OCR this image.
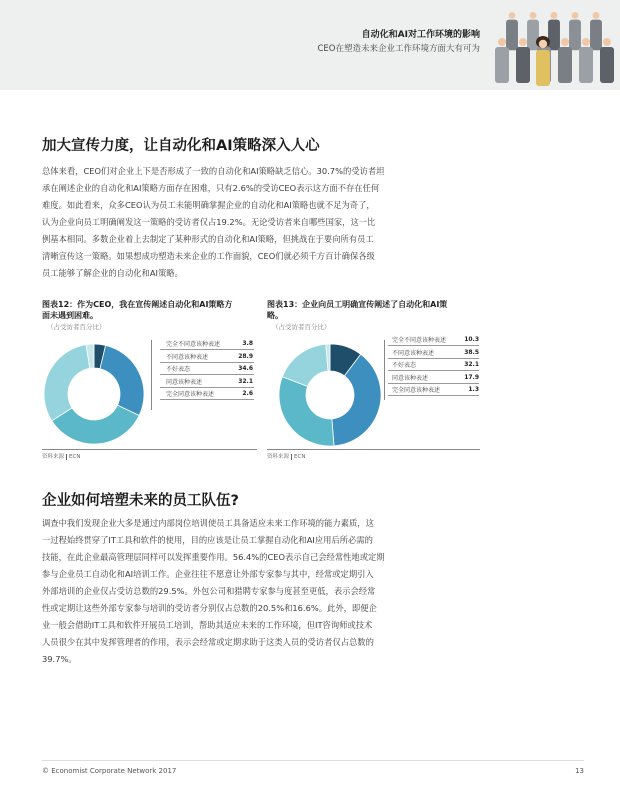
自动化和AI对工作环境的影响
CEO在塑造未来企业工作环境方面大有可为
加大宣传力度，让自动化和AI策略深入人心
总体来看，CEO们对企业上下是否形成了一致的自动化和AI策略缺乏信心。30.7%的受访者坦
承在阐述企业的自动化和AI策略方面存在困难，只有2.6%的受访CEO表示这方面不存在任何
难度。如此看来，众多CEO认为员工未能明确掌握企业的自动化和AI策略也就不足为奇了，
认为企业向员工明确阐发这一策略的受访者仅占19.2%。无论受访者来自哪些国家，这一比
例基本相同。多数企业着上去制定了某种形式的自动化和AI策略，但挑战在于要向所有员工
清晰宣传这一策略。如果想成功塑造未来企业的工作面貌，CEO们就必须千方百计确保各级
员工能够了解企业的自动化和AI策略。
图表12：作为CEO，我在宣传阐述自动化和AI策略方
面未遇到困难。
（占受访者百分比）
完全不同意该种表述	3.8
不同意该种表述	28.9
不好表态	34.6
同意该种表述	32.1
完全同意该种表述	2.6
资料来源 ECN
图表13：企业向员工明确宣传阐述了自动化和AI策
略。
（占受访者百分比）
完全不同意该种表述	10.3
不同意该种表述	38.5
不好表态	32.1
同意该种表述	17.9
完全同意该种表述	1.3
资料来源 ECN
企业如何培塑未来的员工队伍?
调查中我们发现企业大多是通过内部岗位培训使员工具备适应未来工作环境的能力素质，这
一过程始终贯穿了IT工具和软件的使用，目的应该是让员工掌握自动化和AI应用后所必需的
技能，在此企业最高管理层同样可以发挥重要作用。56.4%的CEO表示自己会经常性地或定期
参与企业员工自动化和AI培训工作。企业往往不愿意让外部专家参与其中，经常或定期引入
外部培训的企业仅占受访总数的29.5%。外包公司和猎聘专家参与度甚至更低，表示会经常
性或定期让这些外部专家参与培训的受访者分别仅占总数的20.5%和16.6%。此外，即便企
业一般会借助IT工具和软件开展员工培训，帮助其适应未来的工作环境，但IT咨询师或技术
人员很少在其中发挥管理者的作用，表示会经常或定期求助于这类人员的受访者仅占总数的
39.7%。
© Economist Corporate Network 2017	13
